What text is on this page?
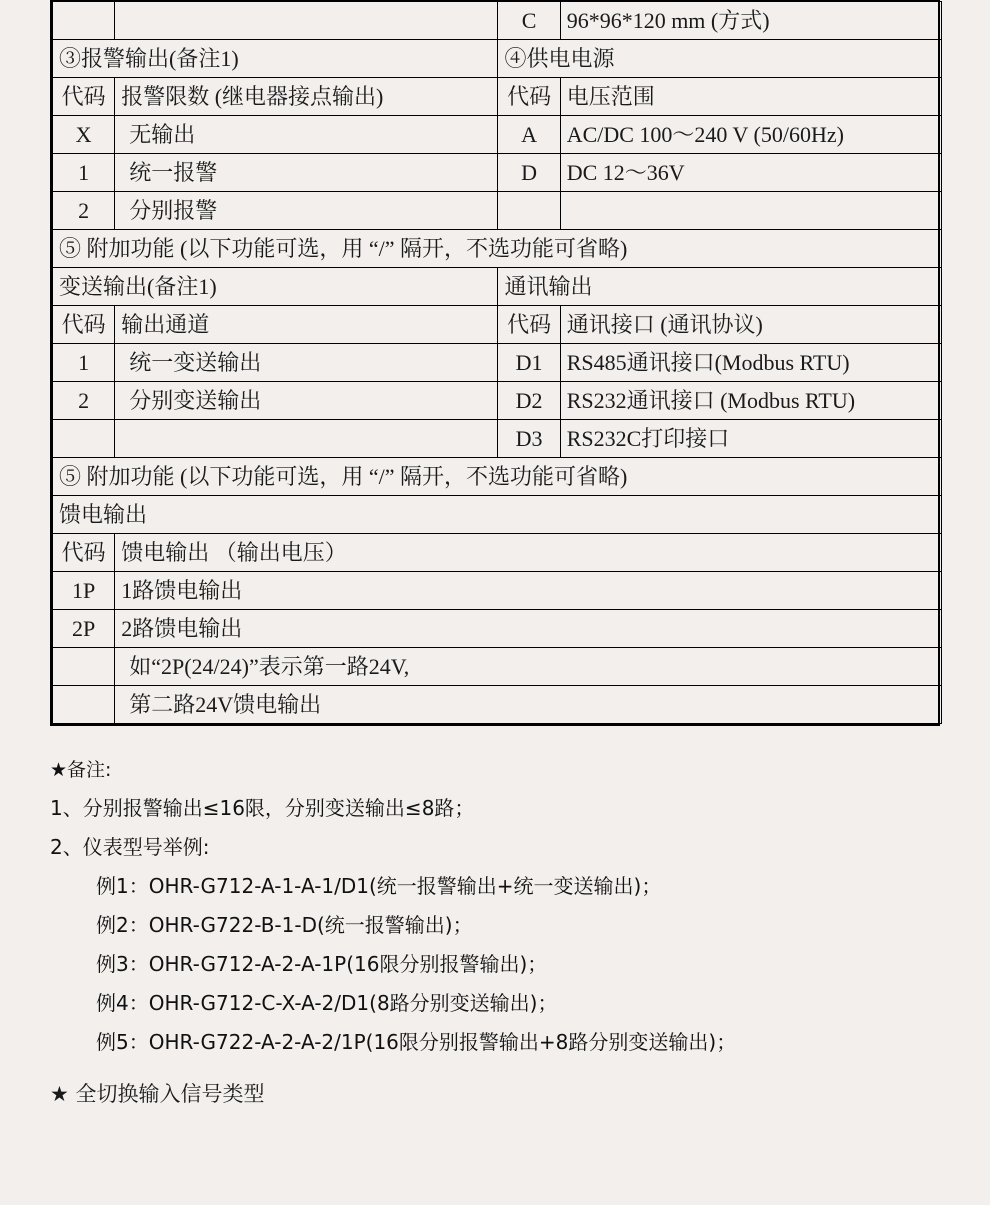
		C	96*96*120 mm (方式)
③报警输出(备注1)		④供电电源	
代码	报警限数 (继电器接点输出)	代码	电压范围
X	无输出	A	AC/DC 100～240 V (50/60Hz)
1	统一报警	D	DC 12～36V
2	分别报警		
⑤ 附加功能 (以下功能可选，用 “/” 隔开，不选功能可省略)			
变送输出(备注1)		通讯输出	
代码	输出通道	代码	通讯接口 (通讯协议)
1	统一变送输出	D1	RS485通讯接口(Modbus RTU)
2	分别变送输出	D2	RS232通讯接口 (Modbus RTU)
		D3	RS232C打印接口
⑤ 附加功能 (以下功能可选，用 “/” 隔开，不选功能可省略)			
馈电输出			
代码	馈电输出 （输出电压）		
1P	1路馈电输出		
2P	2路馈电输出		
	如“2P(24/24)”表示第一路24V,		
	第二路24V馈电输出		
★备注:
1、分别报警输出≤16限，分别变送输出≤8路；
2、仪表型号举例:
例1：OHR-G712-A-1-A-1/D1(统一报警输出+统一变送输出)；
例2：OHR-G722-B-1-D(统一报警输出)；
例3：OHR-G712-A-2-A-1P(16限分别报警输出)；
例4：OHR-G712-C-X-A-2/D1(8路分别变送输出)；
例5：OHR-G722-A-2-A-2/1P(16限分别报警输出+8路分别变送输出)；
★ 全切换输入信号类型
